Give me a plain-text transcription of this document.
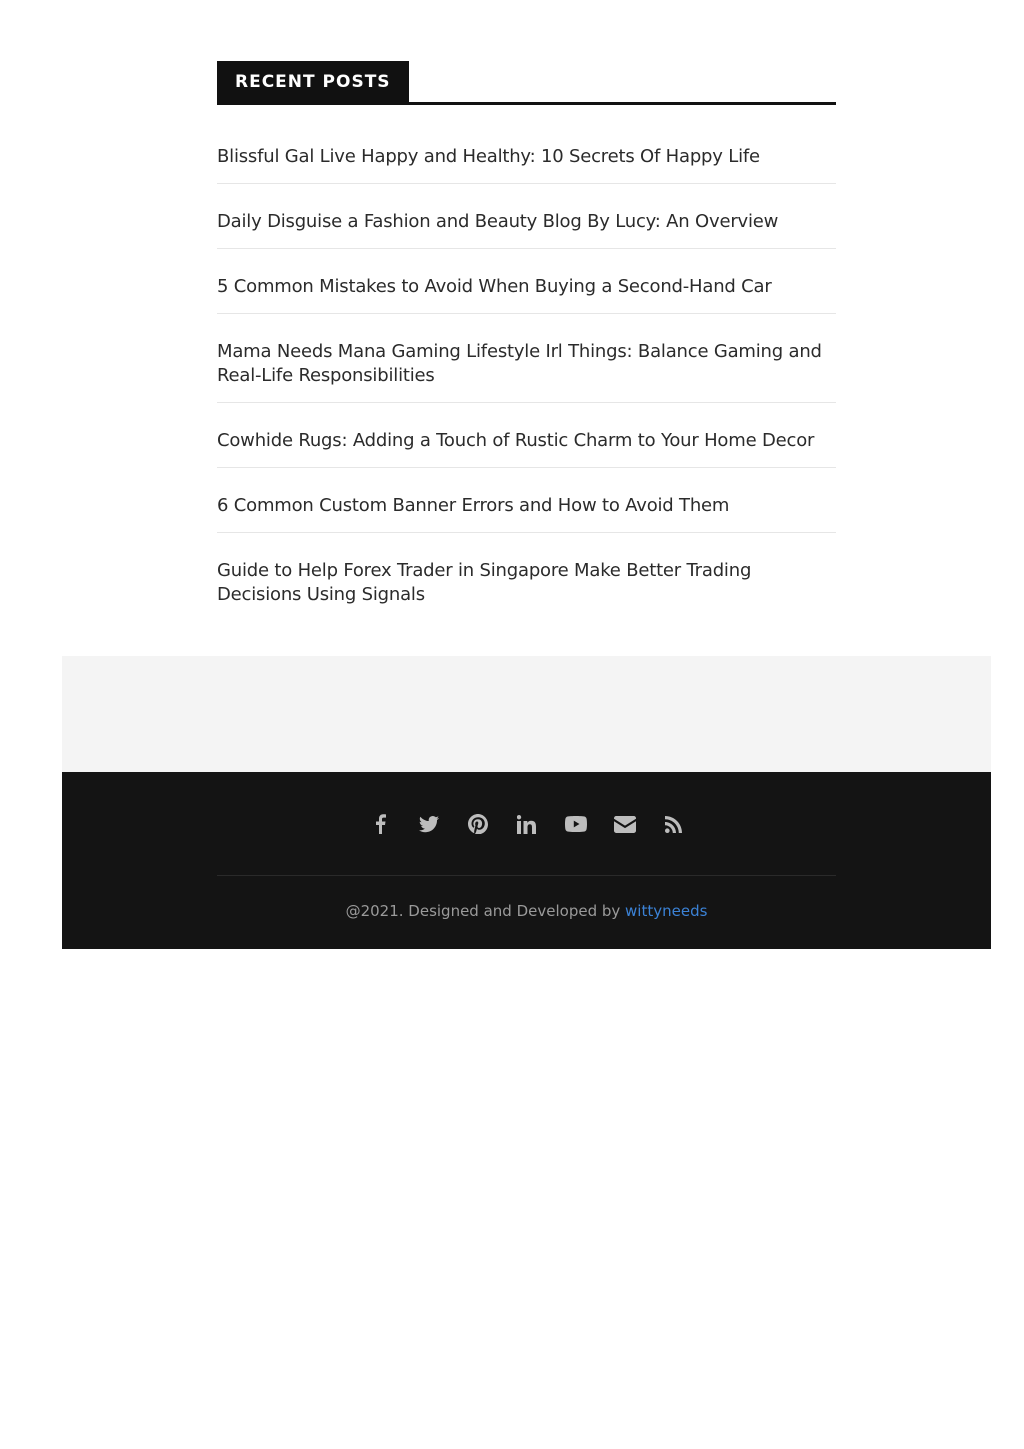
RECENT POSTS
Blissful Gal Live Happy and Healthy: 10 Secrets Of Happy Life
Daily Disguise a Fashion and Beauty Blog By Lucy: An Overview
5 Common Mistakes to Avoid When Buying a Second-Hand Car
Mama Needs Mana Gaming Lifestyle Irl Things: Balance Gaming and Real-Life Responsibilities
Cowhide Rugs: Adding a Touch of Rustic Charm to Your Home Decor
6 Common Custom Banner Errors and How to Avoid Them
Guide to Help Forex Trader in Singapore Make Better Trading Decisions Using Signals
@2021. Designed and Developed by wittyneeds
